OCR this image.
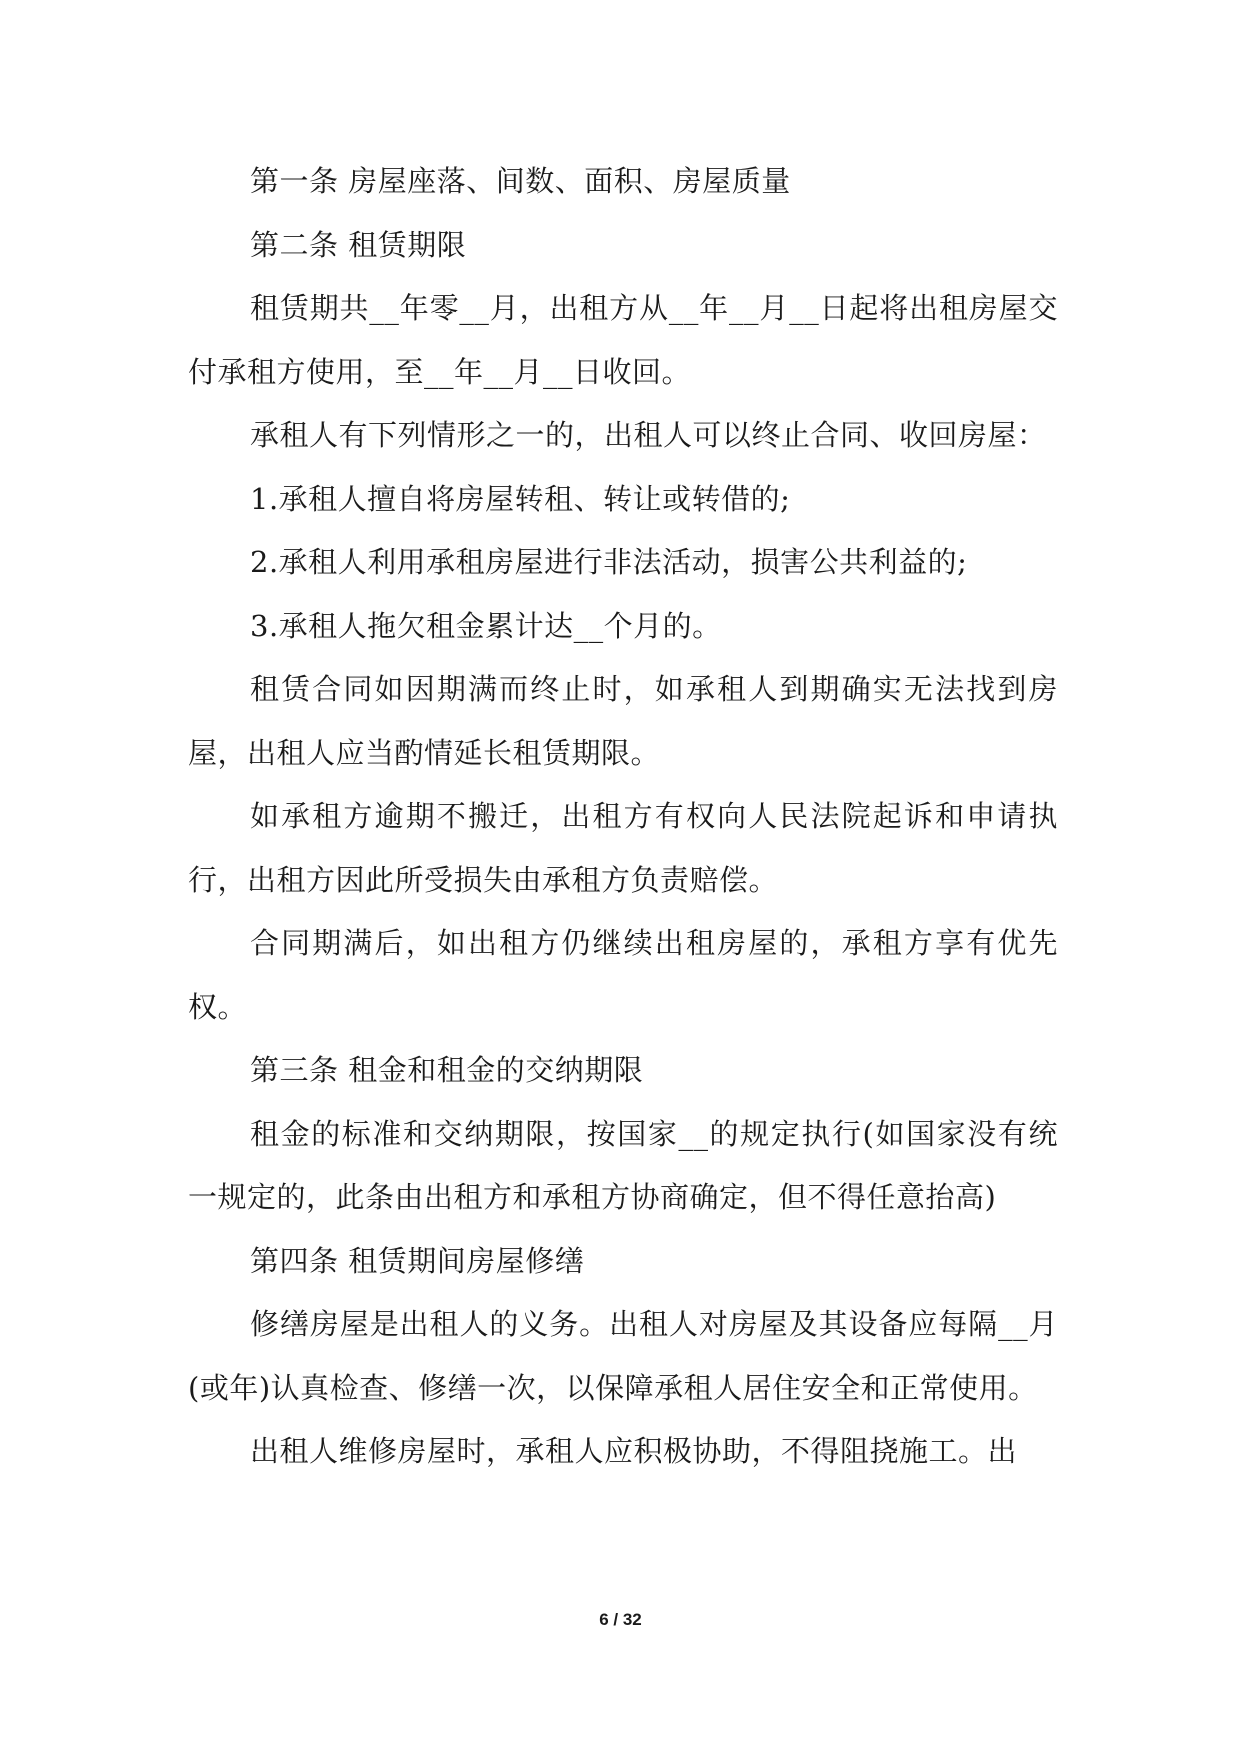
第一条 房屋座落、间数、面积、房屋质量

第二条 租赁期限

租赁期共__年零__月，出租方从__年__月__日起将出租房屋交付承租方使用，至__年__月__日收回。

承租人有下列情形之一的，出租人可以终止合同、收回房屋：

1.承租人擅自将房屋转租、转让或转借的;

2.承租人利用承租房屋进行非法活动，损害公共利益的;

3.承租人拖欠租金累计达__个月的。

租赁合同如因期满而终止时，如承租人到期确实无法找到房屋，出租人应当酌情延长租赁期限。

如承租方逾期不搬迁，出租方有权向人民法院起诉和申请执行，出租方因此所受损失由承租方负责赔偿。

合同期满后，如出租方仍继续出租房屋的，承租方享有优先权。

第三条 租金和租金的交纳期限

租金的标准和交纳期限，按国家__的规定执行(如国家没有统一规定的，此条由出租方和承租方协商确定，但不得任意抬高)

第四条 租赁期间房屋修缮

修缮房屋是出租人的义务。出租人对房屋及其设备应每隔__月(或年)认真检查、修缮一次，以保障承租人居住安全和正常使用。

出租人维修房屋时，承租人应积极协助，不得阻挠施工。出

6 / 32
